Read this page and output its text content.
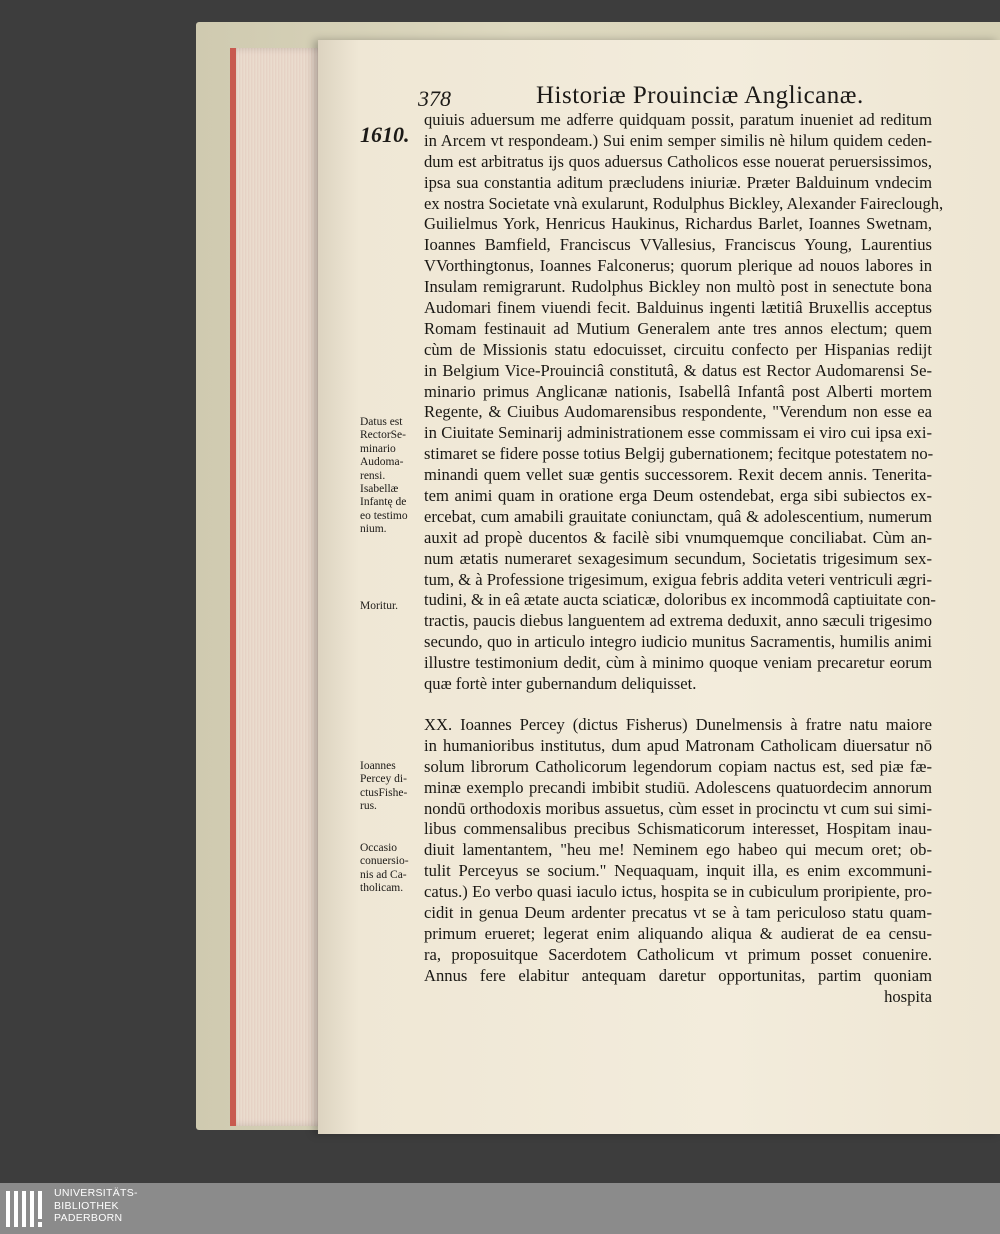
378	Historiæ Prouinciæ Anglicanæ.
1610.
quiuis aduersum me adferre quidquam possit, paratum inueniet ad reditum
in Arcem vt respondeam.) Sui enim semper similis nè hilum quidem ceden-
dum est arbitratus ijs quos aduersus Catholicos esse nouerat peruersissimos,
ipsa sua constantia aditum præcludens iniuriæ. Præter Balduinum vndecim
ex nostra Societate vnà exularunt, Rodulphus Bickley, Alexander Faireclough,
Guilielmus York, Henricus Haukinus, Richardus Barlet, Ioannes Swetnam,
Ioannes Bamfield, Franciscus VVallesius, Franciscus Young, Laurentius
VVorthingtonus, Ioannes Falconerus; quorum plerique ad nouos labores in
Insulam remigrarunt. Rudolphus Bickley non multò post in senectute bona
Audomari finem viuendi fecit. Balduinus ingenti lætitiâ Bruxellis acceptus
Romam festinauit ad Mutium Generalem ante tres annos electum; quem
cùm de Missionis statu edocuisset, circuitu confecto per Hispanias redijt
in Belgium Vice-Prouinciâ constitutâ, & datus est Rector Audomarensi Se-
minario primus Anglicanæ nationis, Isabellâ Infantâ post Alberti mortem
Regente, & Ciuibus Audomarensibus respondente, "Verendum non esse ea
in Ciuitate Seminarij administrationem esse commissam ei viro cui ipsa exi-
stimaret se fidere posse totius Belgij gubernationem; fecitque potestatem no-
minandi quem vellet suæ gentis successorem. Rexit decem annis. Tenerita-
tem animi quam in oratione erga Deum ostendebat, erga sibi subiectos ex-
ercebat, cum amabili grauitate coniunctam, quâ & adolescentium, numerum
auxit ad propè ducentos & facilè sibi vnumquemque conciliabat. Cùm an-
num ætatis numeraret sexagesimum secundum, Societatis trigesimum sex-
tum, & à Professione trigesimum, exigua febris addita veteri ventriculi ægri-
tudini, & in eâ ætate aucta sciaticæ, doloribus ex incommodâ captiuitate con-
tractis, paucis diebus languentem ad extrema deduxit, anno sæculi trigesimo
secundo, quo in articulo integro iudicio munitus Sacramentis, humilis animi
illustre testimonium dedit, cùm à minimo quoque veniam precaretur eorum
quæ fortè inter gubernandum deliquisset.
XX. Ioannes Percey (dictus Fisherus) Dunelmensis à fratre natu maiore
in humanioribus institutus, dum apud Matronam Catholicam diuersatur nō
solum librorum Catholicorum legendorum copiam nactus est, sed piæ fæ-
minæ exemplo precandi imbibit studiū. Adolescens quatuordecim annorum
nondū orthodoxis moribus assuetus, cùm esset in procinctu vt cum sui simi-
libus commensalibus precibus Schismaticorum interesset, Hospitam inau-
diuit lamentantem, "heu me! Neminem ego habeo qui mecum oret; ob-
tulit Perceyus se socium." Nequaquam, inquit illa, es enim excommuni-
catus.) Eo verbo quasi iaculo ictus, hospita se in cubiculum proripiente, pro-
cidit in genua Deum ardenter precatus vt se à tam periculoso statu quam-
primum erueret; legerat enim aliquando aliqua & audierat de ea censu-
ra, proposuitque Sacerdotem Catholicum vt primum posset conuenire.
Annus fere elabitur antequam daretur opportunitas, partim quoniam
hospita
Datus est
RectorSe-
minario
Audoma-
rensi.
Isabellæ
Infantę de
eo testimo
nium.
Moritur.
Ioannes
Percey di-
ctusFishe-
rus.
Occasio
conuersio-
nis ad Ca-
tholicam.
UNIVERSITÄTS-
BIBLIOTHEK
PADERBORN
